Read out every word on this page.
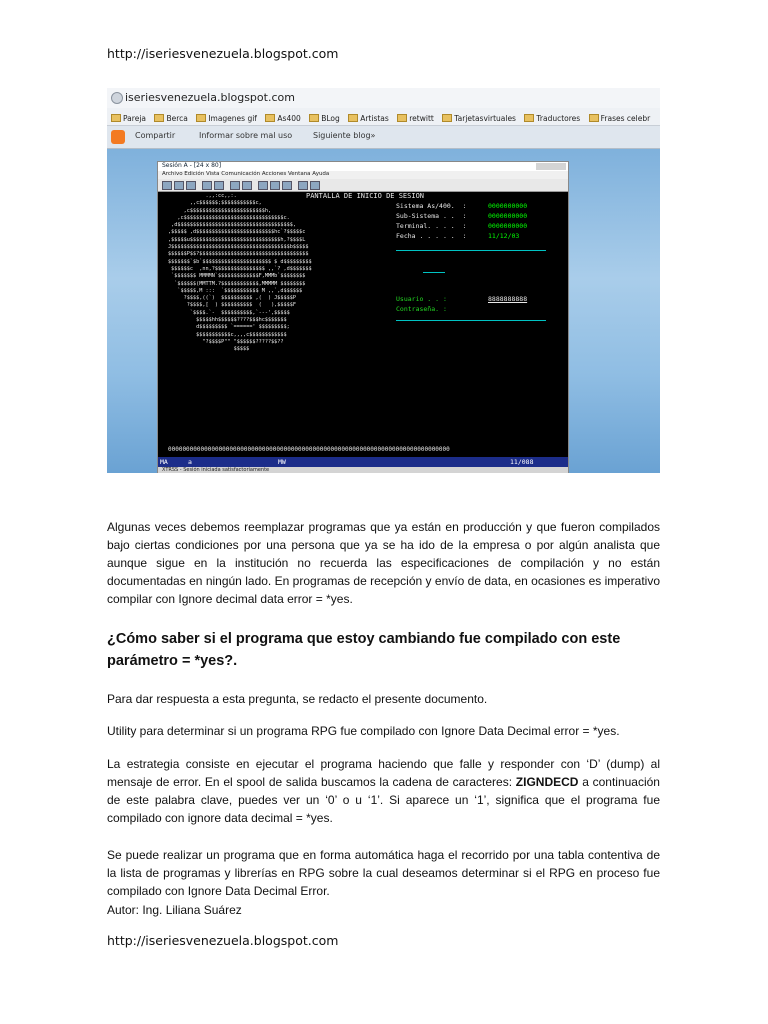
http://iseriesvenezuela.blogspot.com
iseriesvenezuela.blogspot.com
Pareja	Berca	Imagenes gif	As400	BLog	Artistas	retwitt	Tarjetasvirtuales	Traductores	Frases celebr
Compartir	Informar sobre mal uso	Siguiente blog»
Sesión A - [24 x 80]
Archivo Edición Vista Comunicación Acciones Ventana Ayuda
PANTALLA DE INICIO DE SESION
.,,:cc,,:.
,,c$$$$$$;$$$$$$$$$$$c,
,c$$$$$$$$$$$$$$$$$$$$$$$$h,
,c$$$$$$$$$$$$$$$$$$$$$$$$$$$$$$$$c.
,d$$$$$$$$$$$$$$$$$$$$$$$$$$$$$$$$$$$$$,
,$$$$$ ,d$$$$$$$$$$$$$$$$$$$$$$$$$hc`?$$$$$c
,$$$$$u$$$$$$$$$$$$$$$$$$$$$$$$$$$$$h,?$$$$L
J$$$$$$$$$$$$$$$$$$$$$$$$$$$$$$$$$$$$$$b$$$$$
$$$$$$P$$?$$$$$$$$$$$$$$$$$$$$$$$$$$$$$$$$$$$
$$$$$$$`$b`$$$$$$$$$$$$$$$$$$$$$$ $ d$$$$$$$$$
$$$$$$c  ,nn,?$$$$$$$$$$$$$$$$ ,,`? ,d$$$$$$$
`$$$$$$$ MMMMN`$$$$$$$$$$$$$F,MMMb`$$$$$$$$
`$$$$$$(MMTTM.?$$$$$$$$$$$$,MMMMM $$$$$$$$
`$$$$$,M :::  `$$$$$$$$$$$ M ,,`,d$$$$$$
?$$$$,((`)  $$$$$$$$$$ ,(  ) J$$$$$P
?$$$$,[  ) $$$$$$$$$$  (   ),$$$$$F
`$$$$.`-  $$$$$$$$$$,`---',$$$$$
$$$$$hh$$$$$$????$$$hc$$$$$$$
d$$$$$$$$$ `======' $$$$$$$$$;
$$$$$$$$$$$c,,,,c$$$$$$$$$$$$
"?$$$$P"" "$$$$$$?????$$??
$$$$$
Sistema As/400.  :	0000000000
Sub-Sistema . .  :	0000000000
Terminal. . . .  :	0000000000
Fecha . . . . .  :	11/12/03
Usuario . . :	8888888888
Contraseña. :
000000000000000000000000000000000000000000000000000000000000000000000000000000
MA	a	MW	11/088
XTRSS - Sesión iniciada satisfactoriamente
Algunas veces debemos reemplazar programas que ya están en producción y que fueron compilados bajo ciertas condiciones por una persona que ya se ha ido de la empresa o por algún analista que aunque sigue en la institución no recuerda las especificaciones de compilación y no están documentadas en ningún lado. En programas de recepción y envío de data, en ocasiones es imperativo compilar con Ignore decimal data error = *yes.
¿Cómo saber si el programa que estoy cambiando fue compilado con este parámetro = *yes?.
Para dar respuesta a esta pregunta, se redacto el presente documento.
Utility para determinar si un programa RPG fue compilado con Ignore Data Decimal error = *yes.
La estrategia consiste en ejecutar el programa haciendo que falle y responder con ‘D’ (dump) al mensaje de error. En el spool de salida buscamos la cadena de caracteres: ZIGNDECD a continuación de este palabra clave, puedes ver un ‘0’ o u ‘1’. Si aparece un ‘1’, significa que el programa fue compilado con ignore data decimal = *yes.
Se puede realizar un programa que en forma automática haga el recorrido por una tabla contentiva de la lista de programas y librerías en RPG sobre la cual deseamos determinar si el RPG en proceso fue compilado con Ignore Data Decimal Error.
Autor: Ing. Liliana Suárez
http://iseriesvenezuela.blogspot.com
